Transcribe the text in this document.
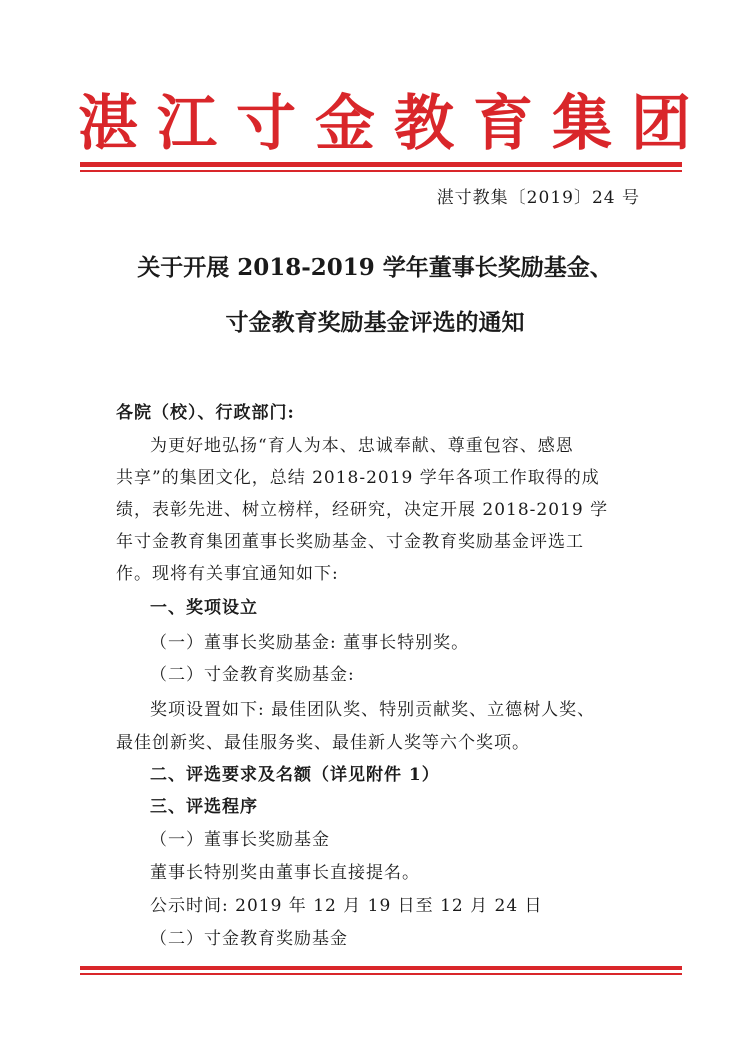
湛江寸金教育集团
湛寸教集〔2019〕24 号
关于开展 2018-2019 学年董事长奖励基金、
寸金教育奖励基金评选的通知
各院（校）、行政部门:
为更好地弘扬“育人为本、忠诚奉献、尊重包容、感恩
共享”的集团文化，总结 2018-2019 学年各项工作取得的成
绩，表彰先进、树立榜样，经研究，决定开展 2018-2019 学
年寸金教育集团董事长奖励基金、寸金教育奖励基金评选工
作。现将有关事宜通知如下:
一、奖项设立
（一）董事长奖励基金: 董事长特别奖。
（二）寸金教育奖励基金:
奖项设置如下: 最佳团队奖、特别贡献奖、立德树人奖、
最佳创新奖、最佳服务奖、最佳新人奖等六个奖项。
二、评选要求及名额（详见附件 1）
三、评选程序
（一）董事长奖励基金
董事长特别奖由董事长直接提名。
公示时间: 2019 年 12 月 19 日至 12 月 24 日
（二）寸金教育奖励基金
